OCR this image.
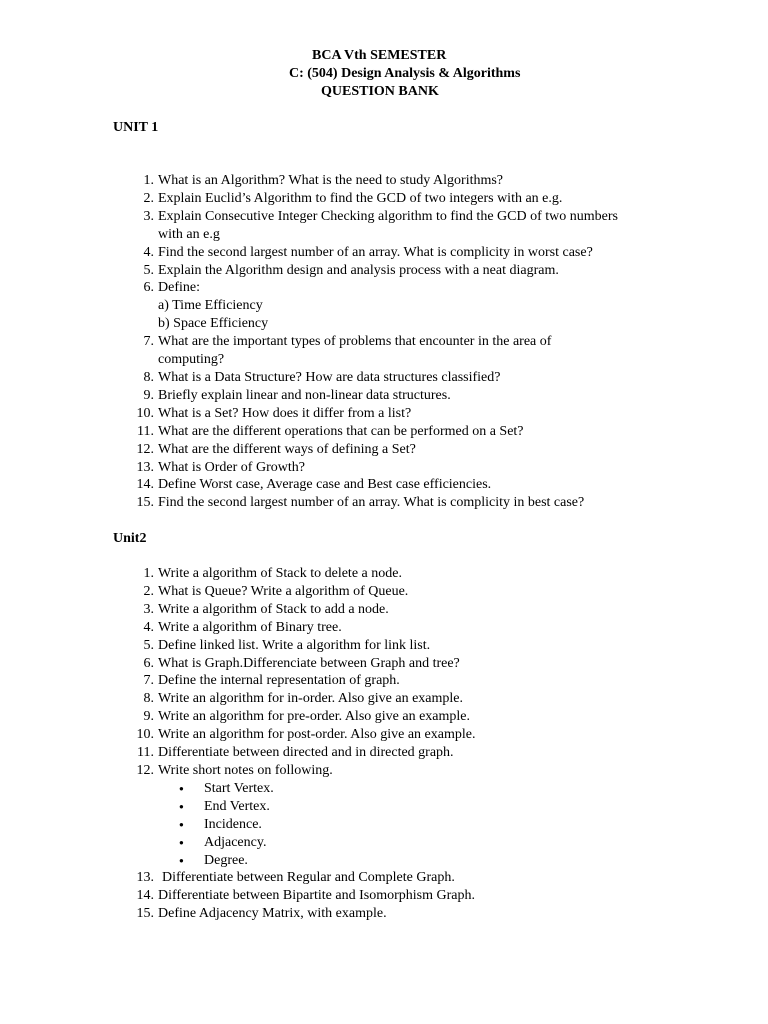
BCA Vth SEMESTER
C: (504) Design Analysis & Algorithms
QUESTION BANK
UNIT 1
1. What is an Algorithm? What is the need to study Algorithms?
2. Explain Euclid’s Algorithm to find the GCD of two integers with an e.g.
3. Explain Consecutive Integer Checking algorithm to find the GCD of two numbers
with an e.g
4. Find the second largest number of an array. What is complicity in worst case?
5. Explain the Algorithm design and analysis process with a neat diagram.
6. Define:
a) Time Efficiency
b) Space Efficiency
7. What are the important types of problems that encounter in the area of
computing?
8. What is a Data Structure? How are data structures classified?
9. Briefly explain linear and non-linear data structures.
10. What is a Set? How does it differ from a list?
11. What are the different operations that can be performed on a Set?
12. What are the different ways of defining a Set?
13. What is Order of Growth?
14. Define Worst case, Average case and Best case efficiencies.
15. Find the second largest number of an array. What is complicity in best case?
Unit2
1. Write a algorithm of Stack to delete a node.
2. What is Queue? Write a algorithm of Queue.
3. Write a algorithm of Stack to add a node.
4. Write a algorithm of Binary tree.
5. Define linked list. Write a algorithm for link list.
6. What is Graph.Differenciate between Graph and tree?
7. Define the internal representation of graph.
8. Write an algorithm for in-order. Also give an example.
9. Write an algorithm for pre-order. Also give an example.
10. Write an algorithm for post-order. Also give an example.
11. Differentiate between directed and in directed graph.
12. Write short notes on following.
● Start Vertex.
● End Vertex.
● Incidence.
● Adjacency.
● Degree.
13. Differentiate between Regular and Complete Graph.
14. Differentiate between Bipartite and Isomorphism Graph.
15. Define Adjacency Matrix, with example.
